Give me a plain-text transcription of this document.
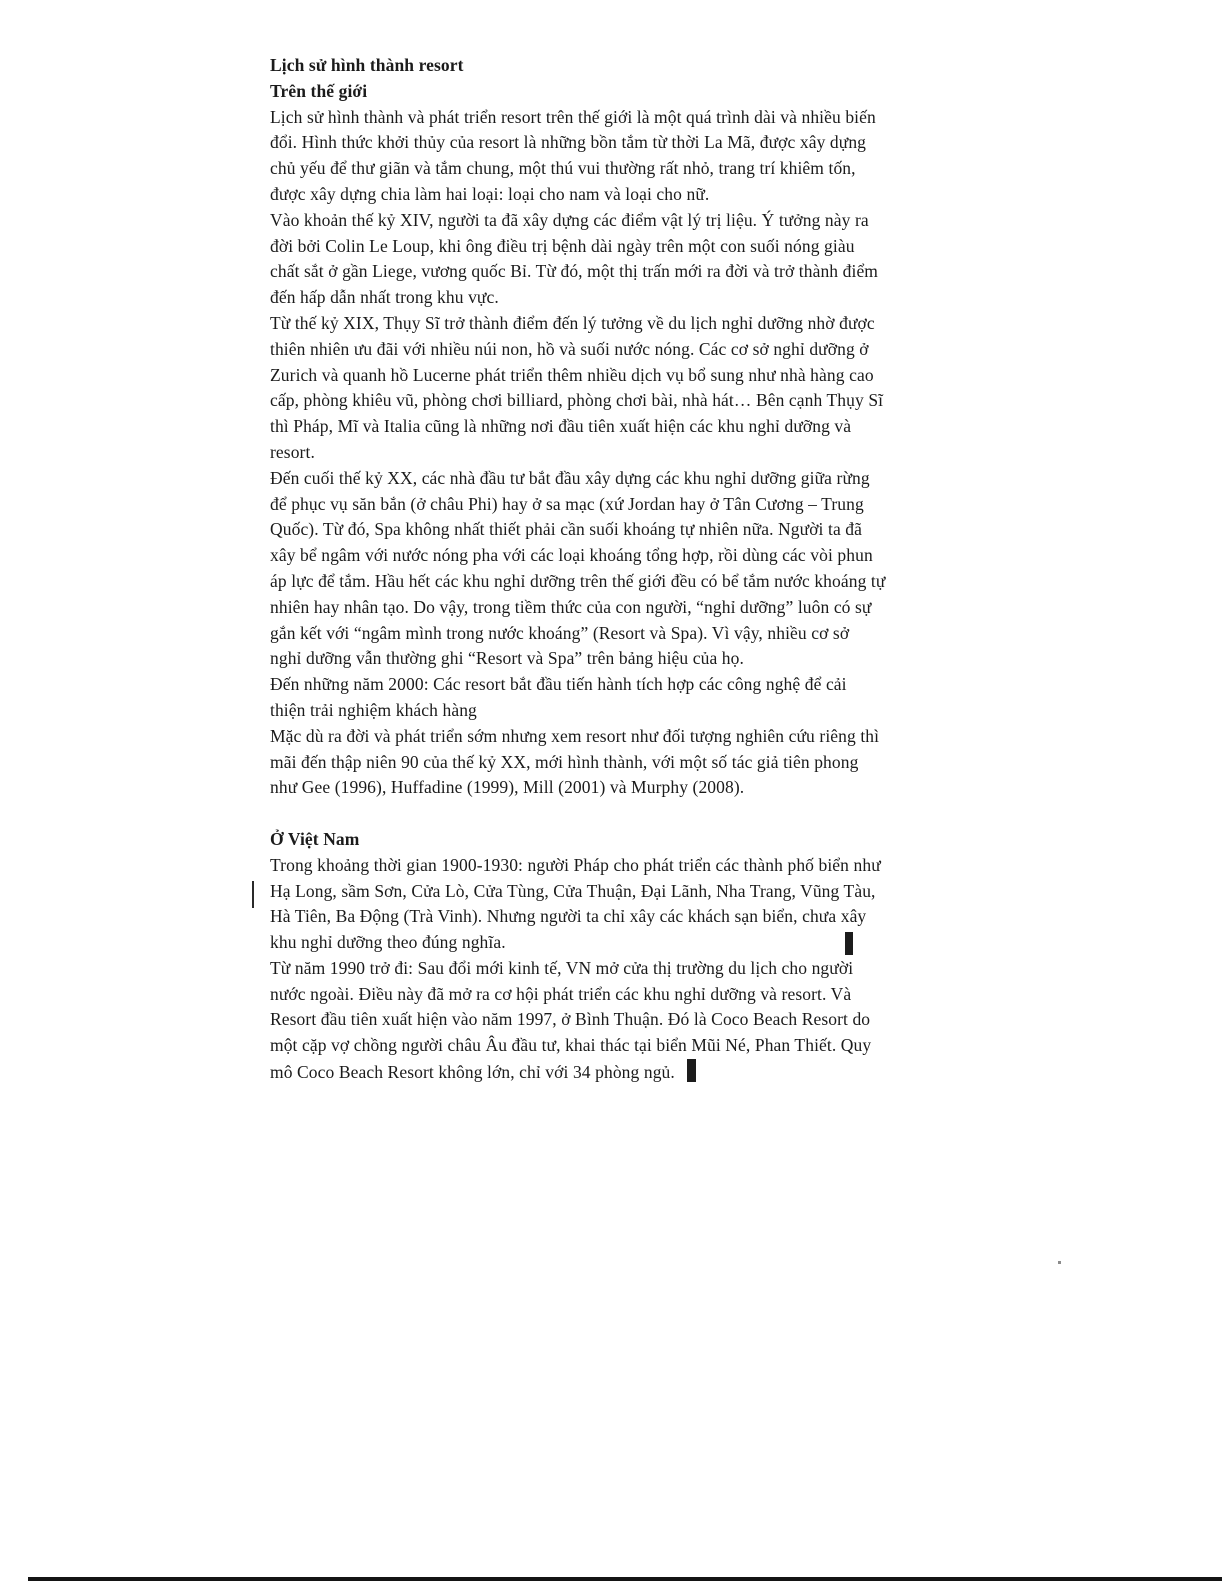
Lịch sử hình thành resort
Trên thế giới
Lịch sử hình thành và phát triển resort trên thế giới là một quá trình dài và nhiều biến
đổi. Hình thức khởi thủy của resort là những bồn tắm từ thời La Mã, được xây dựng
chủ yếu để thư giãn và tắm chung, một thú vui thường rất nhỏ, trang trí khiêm tốn,
được xây dựng chia làm hai loại: loại cho nam và loại cho nữ.
Vào khoản thế kỷ XIV, người ta đã xây dựng các điểm vật lý trị liệu. Ý tưởng này ra
đời bởi Colin Le Loup, khi ông điều trị bệnh dài ngày trên một con suối nóng giàu
chất sắt ở gần Liege, vương quốc Bỉ. Từ đó, một thị trấn mới ra đời và trở thành điểm
đến hấp dẫn nhất trong khu vực.
Từ thế kỷ XIX, Thụy Sĩ trở thành điểm đến lý tưởng về du lịch nghỉ dưỡng nhờ được
thiên nhiên ưu đãi với nhiều núi non, hồ và suối nước nóng. Các cơ sở nghỉ dưỡng ở
Zurich và quanh hồ Lucerne phát triển thêm nhiều dịch vụ bổ sung như nhà hàng cao
cấp, phòng khiêu vũ, phòng chơi billiard, phòng chơi bài, nhà hát… Bên cạnh Thụy Sĩ
thì Pháp, Mĩ và Italia cũng là những nơi đầu tiên xuất hiện các khu nghỉ dưỡng và
resort.
Đến cuối thế kỷ XX, các nhà đầu tư bắt đầu xây dựng các khu nghỉ dưỡng giữa rừng
để phục vụ săn bắn (ở châu Phi) hay ở sa mạc (xứ Jordan hay ở Tân Cương – Trung
Quốc). Từ đó, Spa không nhất thiết phải cần suối khoáng tự nhiên nữa. Người ta đã
xây bể ngâm với nước nóng pha với các loại khoáng tổng hợp, rồi dùng các vòi phun
áp lực để tắm. Hầu hết các khu nghỉ dưỡng trên thế giới đều có bể tắm nước khoáng tự
nhiên hay nhân tạo. Do vậy, trong tiềm thức của con người, “nghỉ dưỡng” luôn có sự
gắn kết với “ngâm mình trong nước khoáng” (Resort và Spa). Vì vậy, nhiều cơ sở
nghỉ dưỡng vẫn thường ghi “Resort và Spa” trên bảng hiệu của họ.
Đến những năm 2000: Các resort bắt đầu tiến hành tích hợp các công nghệ để cải
thiện trải nghiệm khách hàng
Mặc dù ra đời và phát triển sớm nhưng xem resort như đối tượng nghiên cứu riêng thì
mãi đến thập niên 90 của thế kỷ XX, mới hình thành, với một số tác giả tiên phong
như Gee (1996), Huffadine (1999), Mill (2001) và Murphy (2008).
Ở Việt Nam
Trong khoảng thời gian 1900-1930: người Pháp cho phát triển các thành phố biển như
Hạ Long, sầm Sơn, Cửa Lò, Cửa Tùng, Cửa Thuận, Đại Lãnh, Nha Trang, Vũng Tàu,
Hà Tiên, Ba Động (Trà Vinh). Nhưng người ta chỉ xây các khách sạn biển, chưa xây
khu nghỉ dưỡng theo đúng nghĩa.
Từ năm 1990 trở đi: Sau đổi mới kinh tế, VN mở cửa thị trường du lịch cho người
nước ngoài. Điều này đã mở ra cơ hội phát triển các khu nghỉ dưỡng và resort. Và
Resort đầu tiên xuất hiện vào năm 1997, ở Bình Thuận. Đó là Coco Beach Resort do
một cặp vợ chồng người châu Âu đầu tư, khai thác tại biển Mũi Né, Phan Thiết. Quy
mô Coco Beach Resort không lớn, chỉ với 34 phòng ngủ.
